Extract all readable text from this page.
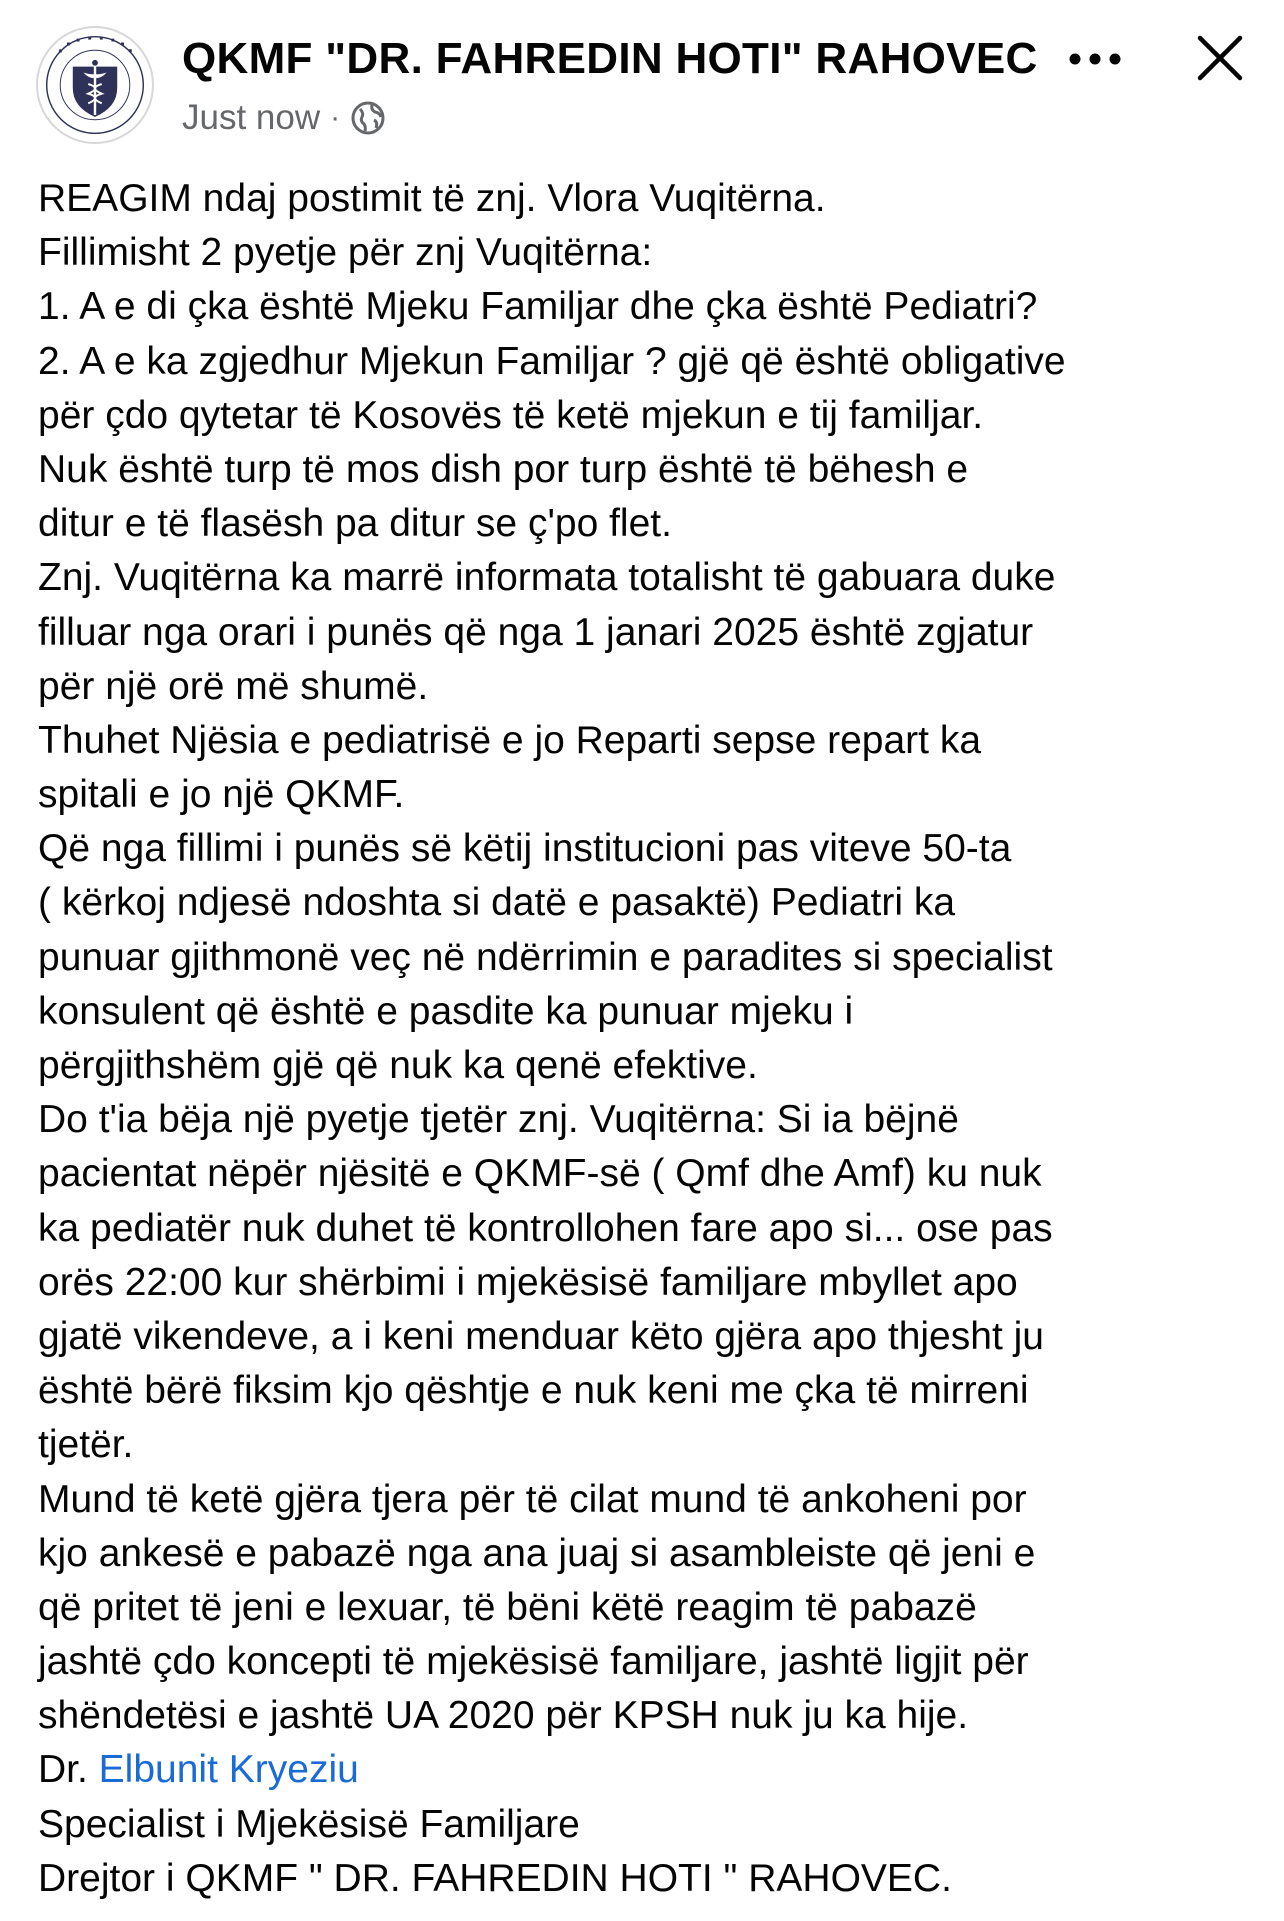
QKMF "DR. FAHREDIN HOTI" RAHOVEC
Just now ·
REAGIM ndaj postimit të znj. Vlora Vuqitërna.
Fillimisht 2 pyetje për znj Vuqitërna:
1. A e di çka është Mjeku Familjar dhe çka është Pediatri?
2. A e ka zgjedhur Mjekun Familjar ? gjë që është obligative
për çdo qytetar të Kosovës të ketë mjekun e tij familjar.
Nuk është turp të mos dish por turp është të bëhesh e
ditur e të flasësh pa ditur se ç'po flet.
Znj. Vuqitërna ka marrë informata totalisht të gabuara duke
filluar nga orari i punës që nga 1 janari 2025 është zgjatur
për një orë më shumë.
Thuhet Njësia e pediatrisë e jo Reparti sepse repart ka
spitali e jo një QKMF.
Që nga fillimi i punës së këtij institucioni pas viteve 50-ta
( kërkoj ndjesë ndoshta si datë e pasaktë) Pediatri ka
punuar gjithmonë veç në ndërrimin e paradites si specialist
konsulent që është e pasdite ka punuar mjeku i
përgjithshëm gjë që nuk ka qenë efektive.
Do t'ia bëja një pyetje tjetër znj. Vuqitërna: Si ia bëjnë
pacientat nëpër njësitë e QKMF-së ( Qmf dhe Amf) ku nuk
ka pediatër nuk duhet të kontrollohen fare apo si... ose pas
orës 22:00 kur shërbimi i mjekësisë familjare mbyllet apo
gjatë vikendeve, a i keni menduar këto gjëra apo thjesht ju
është bërë fiksim kjo qështje e nuk keni me çka të mirreni
tjetër.
Mund të ketë gjëra tjera për të cilat mund të ankoheni por
kjo ankesë e pabazë nga ana juaj si asambleiste që jeni e
që pritet të jeni e lexuar, të bëni këtë reagim të pabazë
jashtë çdo koncepti të mjekësisë familjare, jashtë ligjit për
shëndetësi e jashtë UA 2020 për KPSH nuk ju ka hije.
Dr. Elbunit Kryeziu
Specialist i Mjekësisë Familjare
Drejtor i QKMF " DR. FAHREDIN HOTI " RAHOVEC.
